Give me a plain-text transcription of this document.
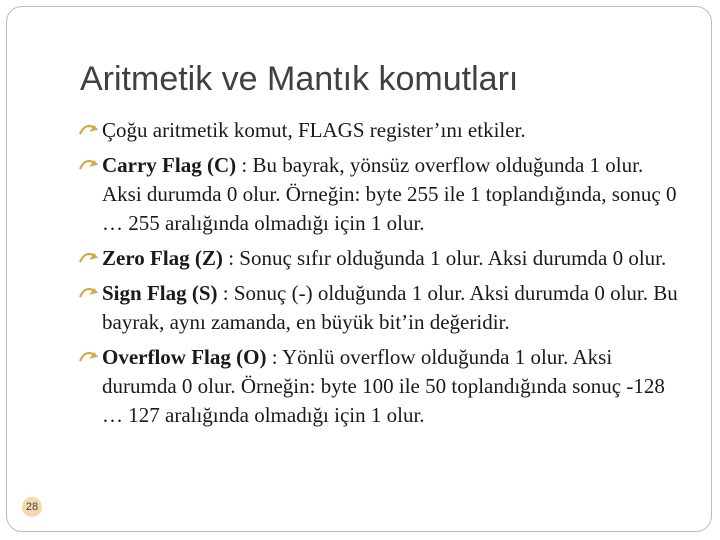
Aritmetik ve Mantık komutları
Çoğu aritmetik komut, FLAGS register’ını etkiler.
Carry Flag (C) : Bu bayrak, yönsüz overflow olduğunda 1 olur. Aksi durumda 0 olur. Örneğin: byte 255 ile 1 toplandığında, sonuç 0 … 255 aralığında olmadığı için 1 olur.
Zero Flag (Z) : Sonuç sıfır olduğunda 1 olur. Aksi durumda 0 olur.
Sign Flag (S) : Sonuç (-) olduğunda 1 olur. Aksi durumda 0 olur. Bu bayrak, aynı zamanda, en büyük bit’in değeridir.
Overflow Flag (O) : Yönlü overflow olduğunda 1 olur. Aksi durumda 0 olur. Örneğin: byte 100 ile 50 toplandığında sonuç -128 … 127 aralığında olmadığı için 1 olur.
28
